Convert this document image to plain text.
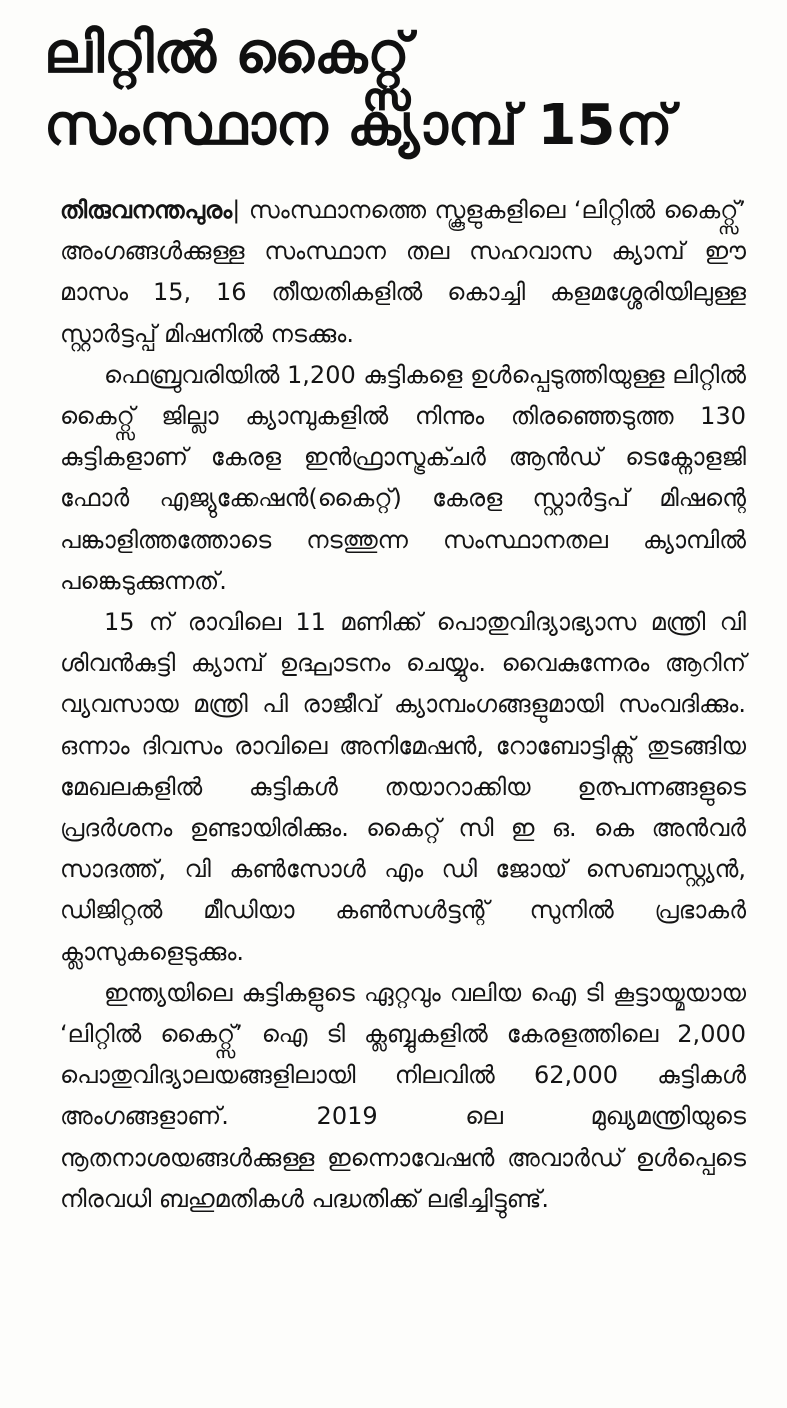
ലിറ്റിൽ കൈറ്റ്സ്
സംസ്ഥാന ക്യാമ്പ് 15ന്

തിരുവനന്തപുരം| സംസ്ഥാനത്തെ സ്കൂളുകളിലെ ‘ലിറ്റിൽ കൈറ്റ്സ്’ അംഗങ്ങൾക്കുള്ള സംസ്ഥാന തല സഹവാസ ക്യാമ്പ് ഈ മാസം 15, 16 തീയതികളിൽ കൊച്ചി കളമശ്ശേരിയിലുള്ള സ്റ്റാർട്ടപ്പ് മിഷനിൽ നടക്കും.

ഫെബ്രുവരിയിൽ 1,200 കുട്ടികളെ ഉൾപ്പെടുത്തിയുള്ള ലിറ്റിൽ കൈറ്റ്സ് ജില്ലാ ക്യാമ്പുകളിൽ നിന്നും തിരഞ്ഞെടുത്ത 130 കുട്ടികളാണ് കേരള ഇൻഫ്രാസ്ട്രക്ചർ ആൻഡ് ടെക്നോളജി ഫോർ എജ്യുക്കേഷൻ(കൈറ്റ്) കേരള സ്റ്റാർട്ടപ് മിഷന്റെ പങ്കാളിത്തത്തോടെ നടത്തുന്ന സംസ്ഥാനതല ക്യാമ്പിൽ പങ്കെടുക്കുന്നത്.

15 ന് രാവിലെ 11 മണിക്ക് പൊതുവിദ്യാഭ്യാസ മന്ത്രി വി ശിവൻകുട്ടി ക്യാമ്പ് ഉദ്ഘാടനം ചെയ്യും. വൈകുന്നേരം ആറിന് വ്യവസായ മന്ത്രി പി രാജീവ് ക്യാമ്പംഗങ്ങളുമായി സംവദിക്കും. ഒന്നാം ദിവസം രാവിലെ അനിമേഷൻ, റോബോട്ടിക്സ് തുടങ്ങിയ മേഖലകളിൽ കുട്ടികൾ തയാറാക്കിയ ഉത്പന്നങ്ങളുടെ പ്രദർശനം ഉണ്ടായിരിക്കും. കൈറ്റ് സി ഇ ഒ. കെ അൻവർ സാദത്ത്, വി കൺസോൾ എം ഡി ജോയ് സെബാസ്റ്റ്യൻ, ഡിജിറ്റൽ മീഡിയാ കൺസൾട്ടന്റ് സുനിൽ പ്രഭാകർ ക്ലാസുകളെടുക്കും.

ഇന്ത്യയിലെ കുട്ടികളുടെ ഏറ്റവും വലിയ ഐ ടി കൂട്ടായ്മയായ ‘ലിറ്റിൽ കൈറ്റ്സ്’ ഐ ടി ക്ലബ്ബുകളിൽ കേരളത്തിലെ 2,000 പൊതുവിദ്യാലയങ്ങളിലായി നിലവിൽ 62,000 കുട്ടികൾ അംഗങ്ങളാണ്. 2019 ലെ മുഖ്യമന്ത്രിയുടെ നൂതനാശയങ്ങൾക്കുള്ള ഇന്നൊവേഷൻ അവാർഡ് ഉൾപ്പെടെ നിരവധി ബഹുമതികൾ പദ്ധതിക്ക് ലഭിച്ചിട്ടുണ്ട്.
